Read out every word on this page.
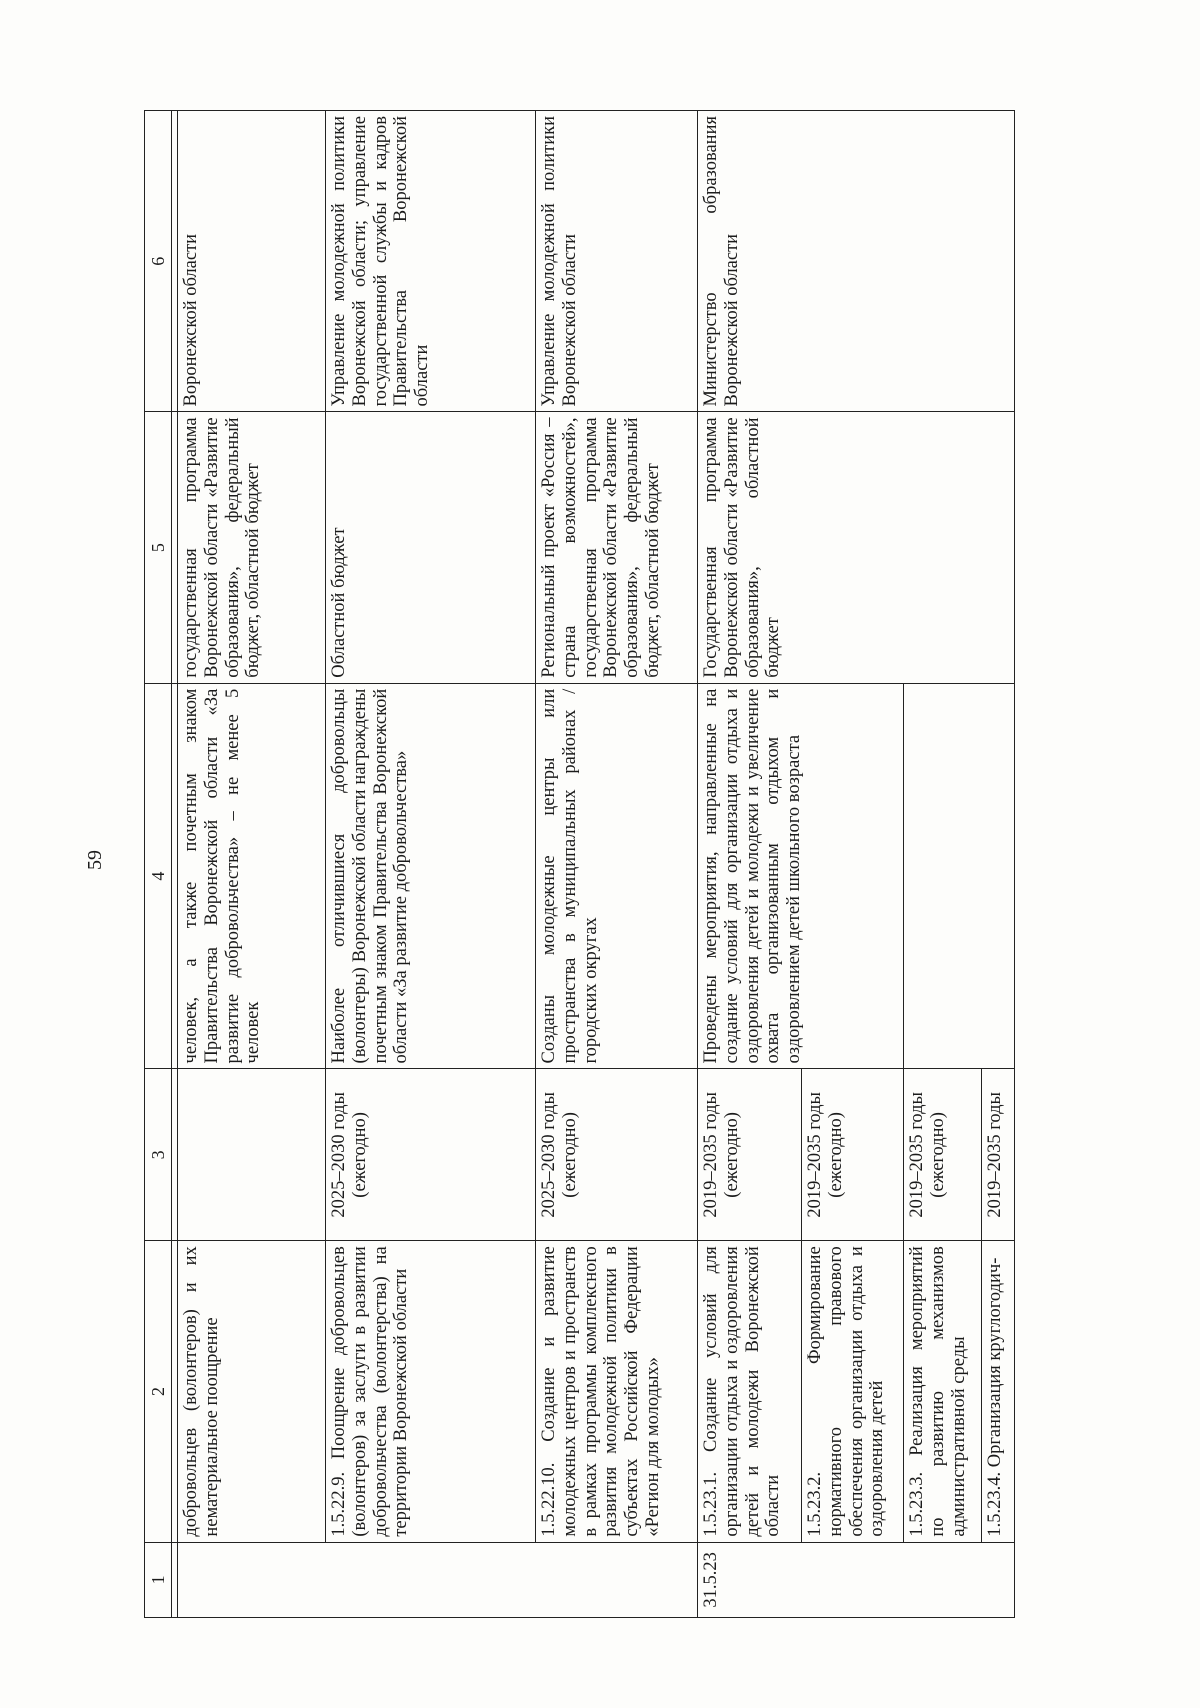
59
1	2	3	4	5	6

	добровольцев (волонтеров) и их нематериальное поощрение		человек, а также почетным знаком Правительства Воронежской области «За развитие добровольчества» – не менее 5 человек	государственная программа Воронежской области «Развитие образования», федеральный бюджет, областной бюджет	Воронежской области
	1.5.22.9. Поощрение добровольцев (волонтеров) за заслуги в развитии добровольчества (волонтерства) на территории Воронежской области	2025–2030 годы (ежегодно)	Наиболее отличившиеся добровольцы (волонтеры) Воронежской области награждены почетным знаком Правительства Воронежской области «За развитие добровольчества»	Областной бюджет	Управление молодежной политики Воронежской области; управление государственной службы и кадров Правительства Воронежской области
	1.5.22.10. Создание и развитие молодежных центров и пространств в рамках программы комплексного развития молодежной политики в субъектах Российской Федерации «Регион для молодых»	2025–2030 годы (ежегодно)	Созданы молодежные центры или пространства в муниципальных районах / городских округах	Региональный проект «Россия – страна возможностей», государственная программа Воронежской области «Развитие образования», федеральный бюджет, областной бюджет	Управление молодежной политики Воронежской области
31.5.23	1.5.23.1. Создание условий для организации отдыха и оздоровления детей и молодежи Воронежской области	2019–2035 годы (ежегодно)	Проведены мероприятия, направленные на создание условий для организации отдыха и оздоровления детей и молодежи и увеличение охвата организованным отдыхом и оздоровлением детей школьного возраста	Государственная программа Воронежской области «Развитие образования», областной бюджет	Министерство образования Воронежской области
	1.5.23.2. Формирование нормативного правового обеспечения организации отдыха и оздоровления детей	2019–2035 годы (ежегодно)			
	1.5.23.3. Реализация мероприятий по развитию механизмов административной среды	2019–2035 годы (ежегодно)			
	1.5.23.4. Организация круглогодич-	2019–2035 годы			
